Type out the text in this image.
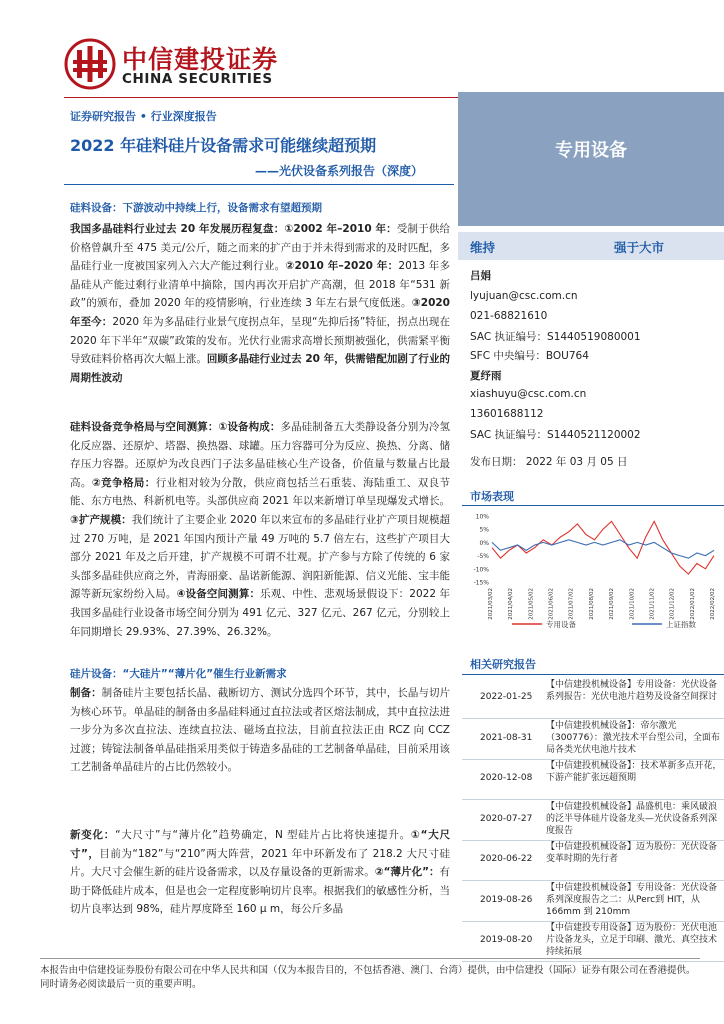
中信建投证券
CHINA SECURITIES
证券研究报告 • 行业深度报告
2022 年硅料硅片设备需求可能继续超预期
——光伏设备系列报告（深度）
硅料设备：下游波动中持续上行，设备需求有望超预期

我国多晶硅料行业过去 20 年发展历程复盘：①2002 年–2010 年：受制于供给价格曾飙升至 475 美元/公斤，随之而来的扩产由于并未得到需求的及时匹配，多晶硅行业一度被国家列入六大产能过剩行业。②2010 年–2020 年：2013 年多晶硅从产能过剩行业清单中摘除，国内再次开启扩产高潮，但 2018 年“531 新政”的颁布，叠加 2020 年的疫情影响，行业连续 3 年左右景气度低迷。③2020 年至今：2020 年为多晶硅行业景气度拐点年，呈现“先抑后扬”特征，拐点出现在 2020 年下半年“双碳”政策的发布。光伏行业需求高增长预期被强化，供需紧平衡导致硅料价格再次大幅上涨。回顾多晶硅行业过去 20 年，供需错配加剧了行业的周期性波动

硅料设备竞争格局与空间测算：①设备构成：多晶硅制备五大类静设备分别为冷氢化反应器、还原炉、塔器、换热器、球罐。压力容器可分为反应、换热、分离、储存压力容器。还原炉为改良西门子法多晶硅核心生产设备，价值量与数量占比最高。②竞争格局：行业相对较为分散，供应商包括兰石重装、海陆重工、双良节能、东方电热、科新机电等。头部供应商 2021 年以来新增订单呈现爆发式增长。③扩产规模：我们统计了主要企业 2020 年以来宣布的多晶硅行业扩产项目规模超过 270 万吨，是 2021 年国内预计产量 49 万吨的 5.7 倍左右，这些扩产项目大部分 2021 年及之后开建，扩产规模不可谓不壮观。扩产参与方除了传统的 6 家头部多晶硅供应商之外，青海丽豪、晶诺新能源、润阳新能源、信义光能、宝丰能源等新玩家纷纷入局。④设备空间测算：乐观、中性、悲观场景假设下：2022 年我国多晶硅行业设备市场空间分别为 491 亿元、327 亿元、267 亿元，分别较上年同期增长 29.93%、27.39%、26.32%。

硅片设备：“大硅片”“薄片化”催生行业新需求

制备：制备硅片主要包括长晶、截断切方、测试分选四个环节，其中，长晶与切片为核心环节。单晶硅的制备由多晶硅料通过直拉法或者区熔法制成，其中直拉法进一步分为多次直拉法、连续直拉法、磁场直拉法，目前直拉法正由 RCZ 向 CCZ 过渡；铸锭法制备单晶硅指采用类似于铸造多晶硅的工艺制备单晶硅，目前采用该工艺制备单晶硅片的占比仍然较小。

新变化：“大尺寸”与“薄片化”趋势确定，N 型硅片占比将快速提升。①“大尺寸”，目前为“182”与“210”两大阵营，2021 年中环新发布了 218.2 大尺寸硅片。大尺寸会催生新的硅片设备需求，以及存量设备的更新需求。②“薄片化”：有助于降低硅片成本，但是也会一定程度影响切片良率。根据我们的敏感性分析，当切片良率达到 98%，硅片厚度降至 160 μ m，每公斤多晶

专用设备
维持	强于大市
吕娟
lyujuan@csc.com.cn
021-68821610
SAC 执证编号：S1440519080001
SFC 中央编号：BOU764
夏纾雨
xiashuyu@csc.com.cn
13601688112
SAC 执证编号：S1440521120002
发布日期： 2022 年 03 月 05 日
市场表现
10%
5%
0%
-5%
-10%
-15%
2021/03/02	2021/04/02	2021/05/02	2021/06/02	2021/07/02	2021/08/02	2021/09/02	2021/10/02	2021/11/02	2021/12/02	2022/01/02	2022/02/02
专用设备	上证指数
相关研究报告
2022-01-25
【中信建投机械设备】专用设备：光伏设备系列报告：光伏电池片趋势及设备空间探讨
2021-08-31
【中信建投机械设备】：帝尔激光（300776）：激光技术平台型公司，全面布局各类光伏电池片技术
2020-12-08
【中信建投机械设备】：技术革新多点开花，下游产能扩张远超预期
2020-07-27
【中信建投机械设备】晶盛机电：乘风破浪的泛半导体硅片设备龙头—光伏设备系列深度报告
2020-06-22
【中信建投机械设备】迈为股份：光伏设备变革时期的先行者
2019-08-26
【中信建投机械设备】专用设备：光伏设备系列深度报告之二：从Perc到 HIT，从 166mm 到 210mm
2019-08-20
【中信建投专用设备】迈为股份：光伏电池片设备龙头，立足于印刷、激光、真空技术持续拓展
本报告由中信建投证券股份有限公司在中华人民共和国（仅为本报告目的，不包括香港、澳门、台湾）提供，由中信建投（国际）证券有限公司在香港提供。同时请务必阅读最后一页的重要声明。
